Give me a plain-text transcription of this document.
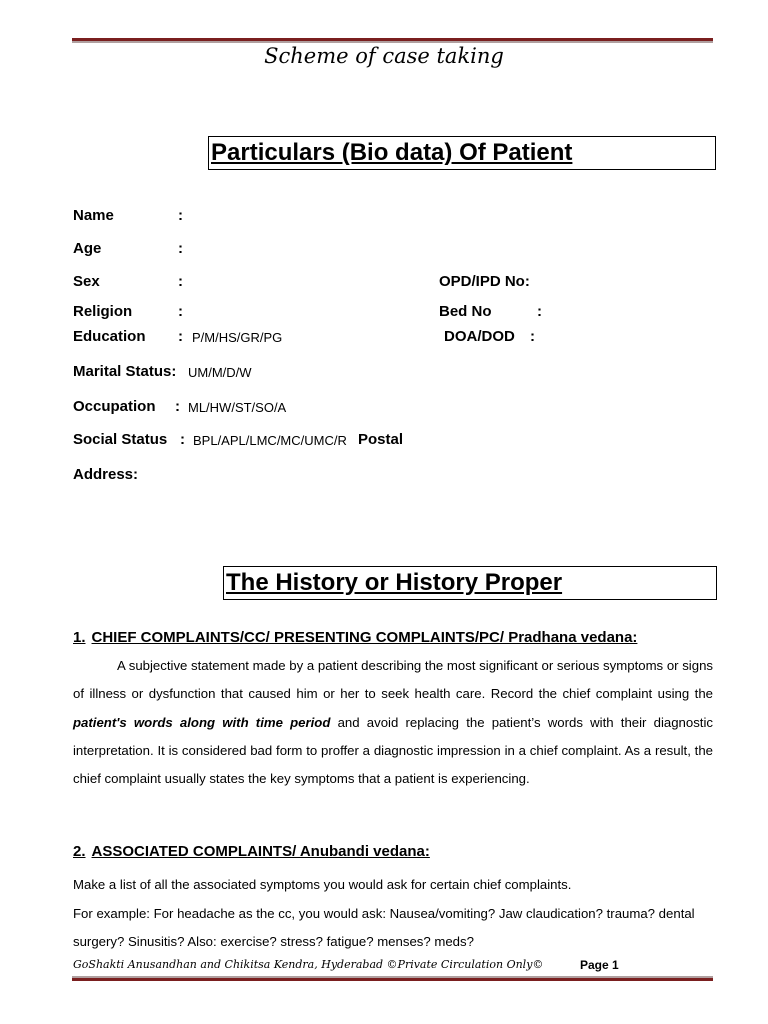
Scheme of case taking
Particulars (Bio data) Of Patient
Name	:
Age	:
Sex	:	OPD/IPD No:
Religion	:	Bed No	:
Education : P/M/HS/GR/PG	DOA/DOD :
Marital Status: UM/M/D/W
Occupation : ML/HW/ST/SO/A
Social Status : BPL/APL/LMC/MC/UMC/R Postal
Address:
The History or History Proper
1. CHIEF COMPLAINTS/CC/ PRESENTING COMPLAINTS/PC/ Pradhana vedana:
A subjective statement made by a patient describing the most significant or serious symptoms or signs of illness or dysfunction that caused him or her to seek health care. Record the chief complaint using the patient's words along with time period and avoid replacing the patient’s words with their diagnostic interpretation. It is considered bad form to proffer a diagnostic impression in a chief complaint. As a result, the chief complaint usually states the key symptoms that a patient is experiencing.
2. ASSOCIATED COMPLAINTS/ Anubandi vedana:
Make a list of all the associated symptoms you would ask for certain chief complaints.
For example: For headache as the cc, you would ask: Nausea/vomiting? Jaw claudication? trauma? dental
surgery? Sinusitis? Also: exercise? stress? fatigue? menses? meds?
GoShakti Anusandhan and Chikitsa Kendra, Hyderabad ©Private Circulation Only©	Page 1
